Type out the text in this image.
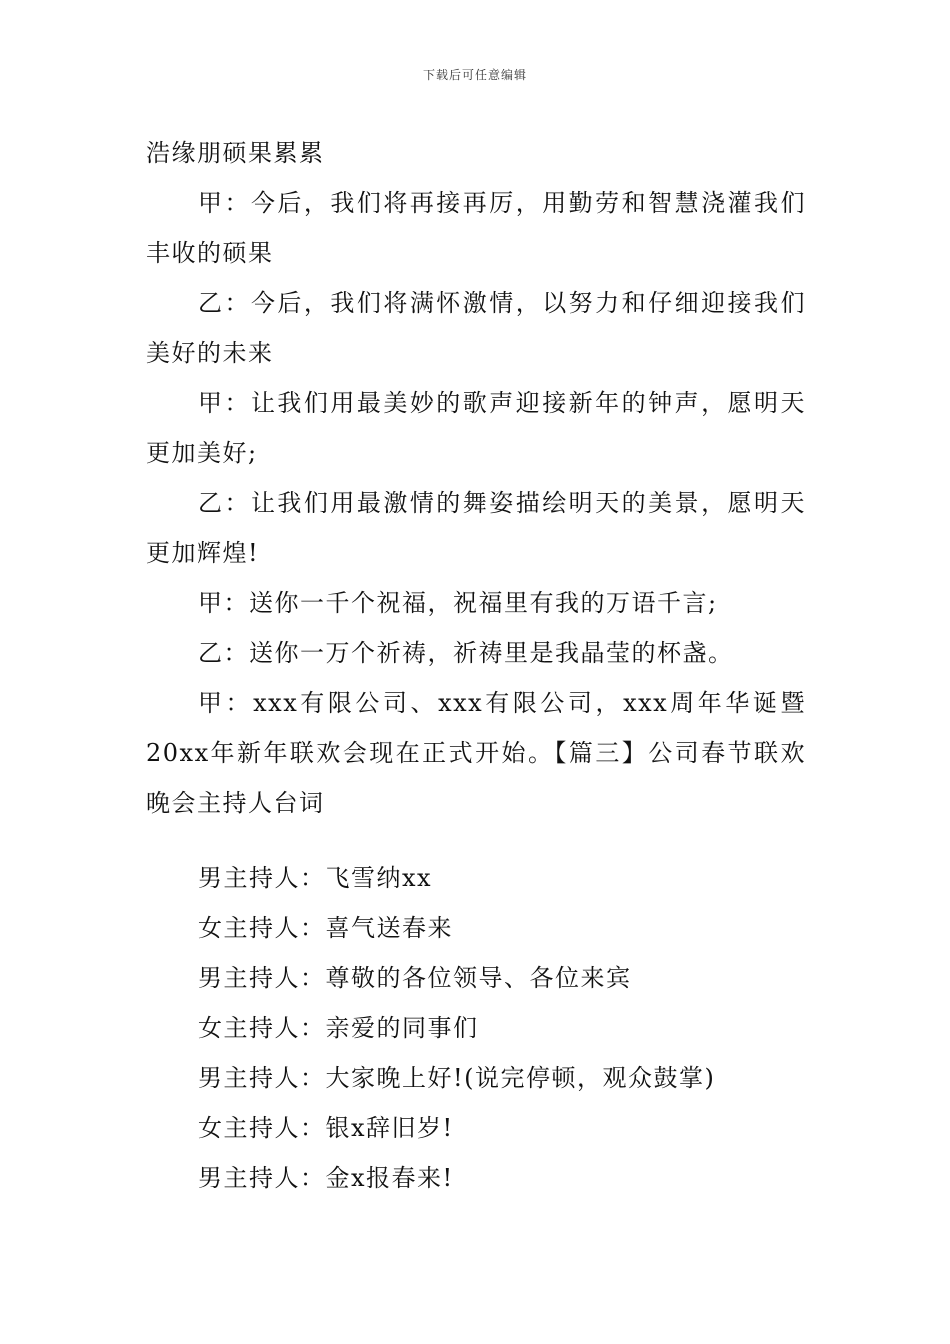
下载后可任意编辑

浩缘朋硕果累累

甲：今后，我们将再接再厉，用勤劳和智慧浇灌我们丰收的硕果

乙：今后，我们将满怀激情，以努力和仔细迎接我们美好的未来

甲：让我们用最美妙的歌声迎接新年的钟声，愿明天更加美好;

乙：让我们用最激情的舞姿描绘明天的美景，愿明天更加辉煌!

甲：送你一千个祝福，祝福里有我的万语千言;

乙：送你一万个祈祷，祈祷里是我晶莹的杯盏。

甲：xxx有限公司、xxx有限公司，xxx周年华诞暨20xx年新年联欢会现在正式开始。【篇三】公司春节联欢晚会主持人台词

男主持人：飞雪纳xx

女主持人：喜气送春来

男主持人：尊敬的各位领导、各位来宾

女主持人：亲爱的同事们

男主持人：大家晚上好!(说完停顿，观众鼓掌)

女主持人：银x辞旧岁!

男主持人：金x报春来!
